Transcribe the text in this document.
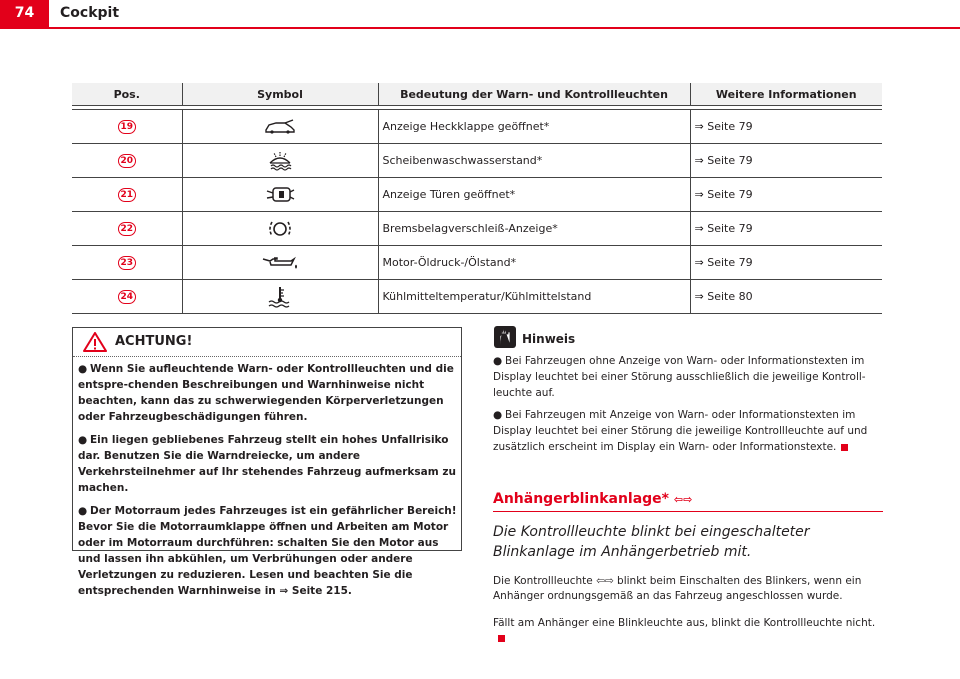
74	Cockpit
Pos.	Symbol	Bedeutung der Warn- und Kontrollleuchten	Weitere Informationen

19		Anzeige Heckklappe geöffnet*	⇒ Seite 79
20		Scheibenwaschwasserstand*	⇒ Seite 79
21		Anzeige Türen geöffnet*	⇒ Seite 79
22		Bremsbelagverschleiß-Anzeige*	⇒ Seite 79
23		Motor-Öldruck-/Ölstand*	⇒ Seite 79
24		Kühlmitteltemperatur/Kühlmittelstand	⇒ Seite 80
ACHTUNG!

● Wenn Sie aufleuchtende Warn- oder Kontrollleuchten und die entspre-chenden Beschreibungen und Warnhinweise nicht beachten, kann das zu schwerwiegenden Körperverletzungen oder Fahrzeugbeschädigungen führen.

● Ein liegen gebliebenes Fahrzeug stellt ein hohes Unfallrisiko dar. Benutzen Sie die Warndreiecke, um andere Verkehrsteilnehmer auf Ihr stehendes Fahrzeug aufmerksam zu machen.

● Der Motorraum jedes Fahrzeuges ist ein gefährlicher Bereich! Bevor Sie die Motorraumklappe öffnen und Arbeiten am Motor oder im Motorraum durchführen: schalten Sie den Motor aus und lassen ihn abkühlen, um Verbrühungen oder andere Verletzungen zu reduzieren. Lesen und beachten Sie die entsprechenden Warnhinweise in ⇒ Seite 215.

Hinweis

● Bei Fahrzeugen ohne Anzeige von Warn- oder Informationstexten im Display leuchtet bei einer Störung ausschließlich die jeweilige Kontroll-leuchte auf.

● Bei Fahrzeugen mit Anzeige von Warn- oder Informationstexten im Display leuchtet bei einer Störung die jeweilige Kontrollleuchte auf und zusätzlich erscheint im Display ein Warn- oder Informationstexte.

Anhängerblinkanlage* ⇦⇨
Die Kontrollleuchte blinkt bei eingeschalteter Blinkanlage im Anhängerbetrieb mit.
Die Kontrollleuchte ⇦⇨ blinkt beim Einschalten des Blinkers, wenn ein Anhänger ordnungsgemäß an das Fahrzeug angeschlossen wurde.
Fällt am Anhänger eine Blinkleuchte aus, blinkt die Kontrollleuchte nicht.
